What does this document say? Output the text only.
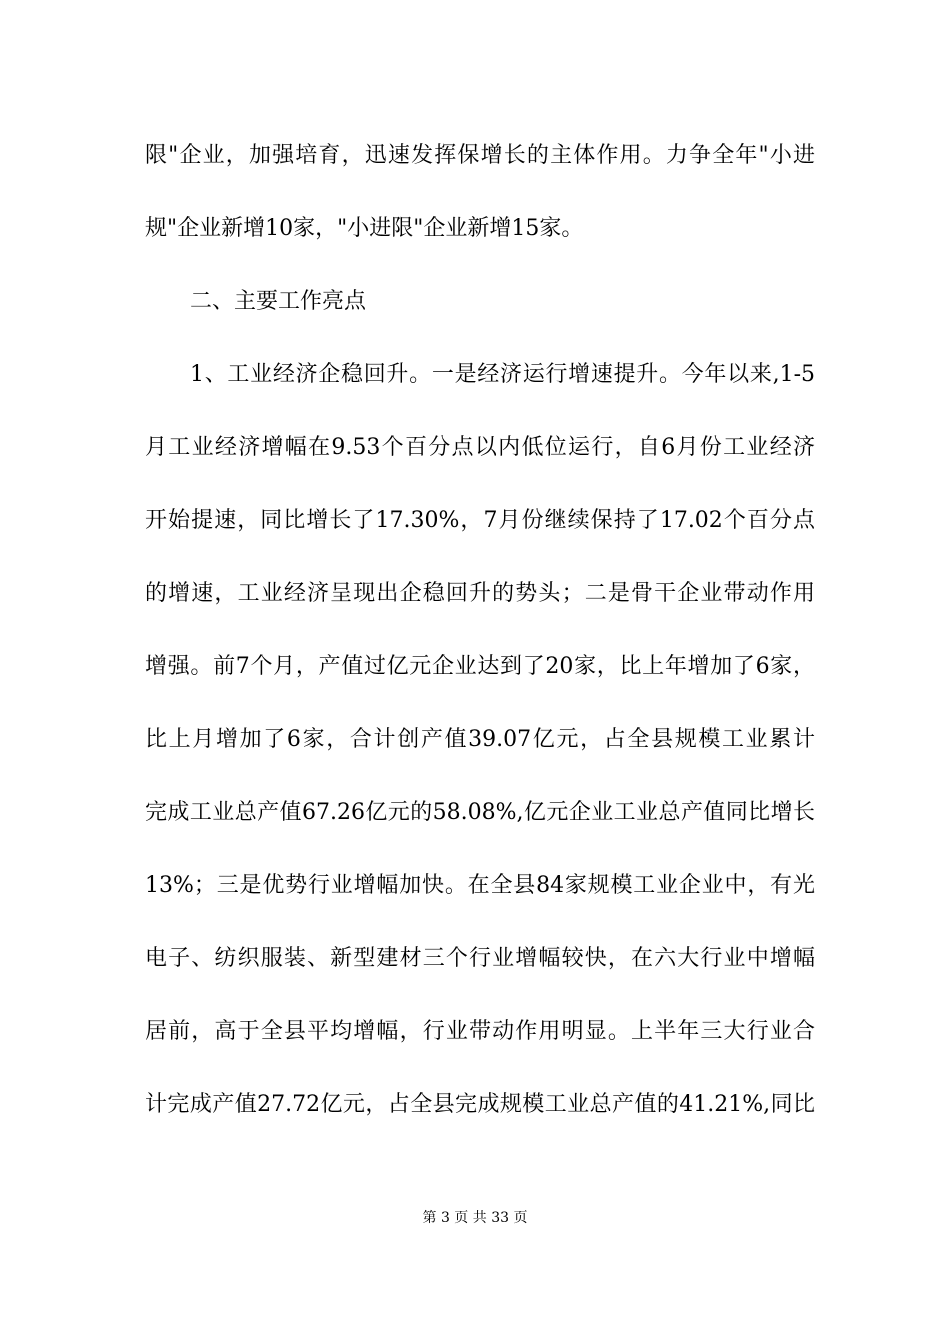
限"企业，加强培育，迅速发挥保增长的主体作用。力争全年"小进
规"企业新增10家，"小进限"企业新增15家。
二、主要工作亮点
1、工业经济企稳回升。一是经济运行增速提升。今年以来,1-5
月工业经济增幅在9.53个百分点以内低位运行，自6月份工业经济
开始提速，同比增长了17.30%，7月份继续保持了17.02个百分点
的增速，工业经济呈现出企稳回升的势头；二是骨干企业带动作用
增强。前7个月，产值过亿元企业达到了20家，比上年增加了6家，
比上月增加了6家，合计创产值39.07亿元，占全县规模工业累计
完成工业总产值67.26亿元的58.08%,亿元企业工业总产值同比增长
13%；三是优势行业增幅加快。在全县84家规模工业企业中，有光
电子、纺织服装、新型建材三个行业增幅较快，在六大行业中增幅
居前，高于全县平均增幅，行业带动作用明显。上半年三大行业合
计完成产值27.72亿元，占全县完成规模工业总产值的41.21%,同比
第 3 页 共 33 页
